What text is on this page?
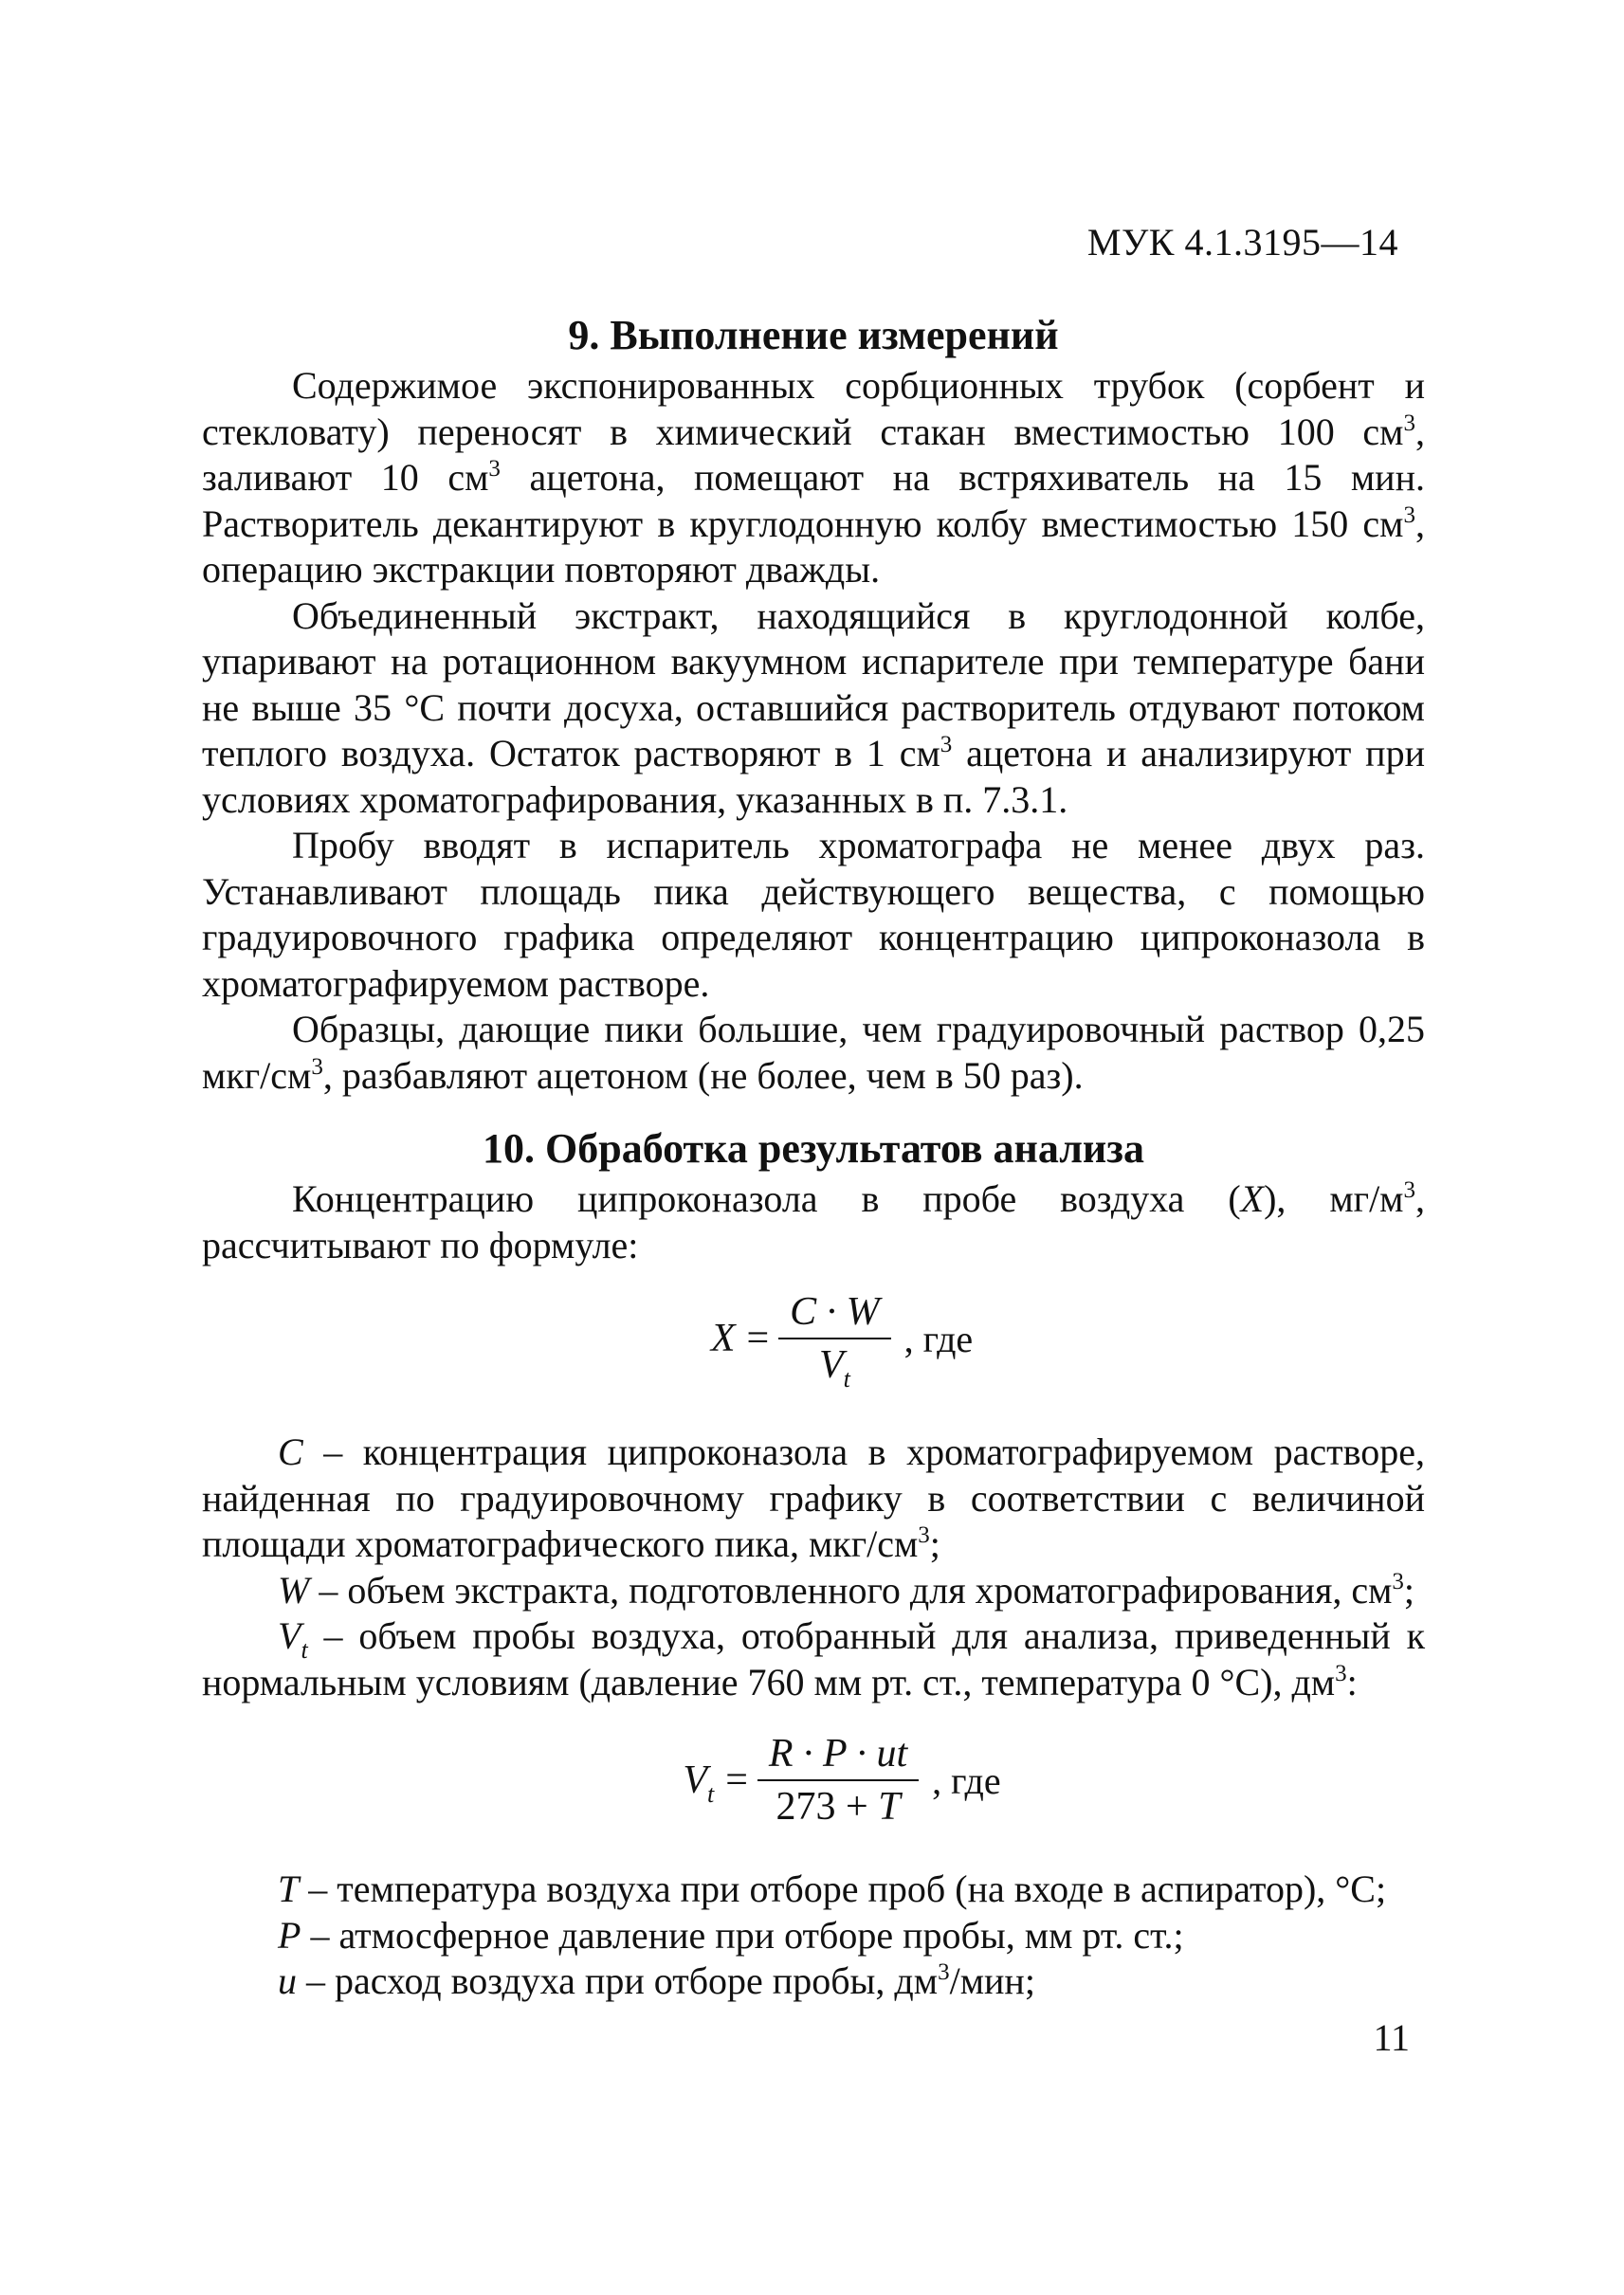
МУК 4.1.3195—14
9. Выполнение измерений

Содержимое экспонированных сорбционных трубок (сорбент и стекловату) переносят в химический стакан вместимостью 100 $см^3$, заливают 10 $см^3$ ацетона, помещают на встряхиватель на 15 мин. Растворитель декантируют в круглодонную колбу вместимостью 150 $см^3$, операцию экстракции повторяют дважды.

Объединенный экстракт, находящийся в круглодонной колбе, упаривают на ротационном вакуумном испарителе при температуре бани не выше 35 °С почти досуха, оставшийся растворитель отдувают потоком теплого воздуха. Остаток растворяют в 1 $см^3$ ацетона и анализируют при условиях хроматографирования, указанных в п. 7.3.1.

Пробу вводят в испаритель хроматографа не менее двух раз. Устанавливают площадь пика действующего вещества, с помощью градуировочного графика определяют концентрацию ципроконазола в хроматографируемом растворе.

Образцы, дающие пики большие, чем градуировочный раствор 0,25 мкг/$см^3$, разбавляют ацетоном (не более, чем в 50 раз).

10. Обработка результатов анализа

Концентрацию ципроконазола в пробе воздуха (X), $мг/м^3$, рассчитывают по формуле:

$X = \frac{C \cdot W}{V_t}$ , где

C – концентрация ципроконазола в хроматографируемом растворе, найденная по градуировочному графику в соответствии с величиной площади хроматографического пика, мкг/$см^3$;

W – объем экстракта, подготовленного для хроматографирования, $см^3$;

$V_t$ – объем пробы воздуха, отобранный для анализа, приведенный к нормальным условиям (давление 760 мм рт. ст., температура 0 °С), $дм^3$:

$V_t = \frac{R \cdot P \cdot ut}{273 + T}$ , где

T – температура воздуха при отборе проб (на входе в аспиратор), °С;

P – атмосферное давление при отборе пробы, мм рт. ст.;

u – расход воздуха при отборе пробы, $дм^3$/мин;

11
